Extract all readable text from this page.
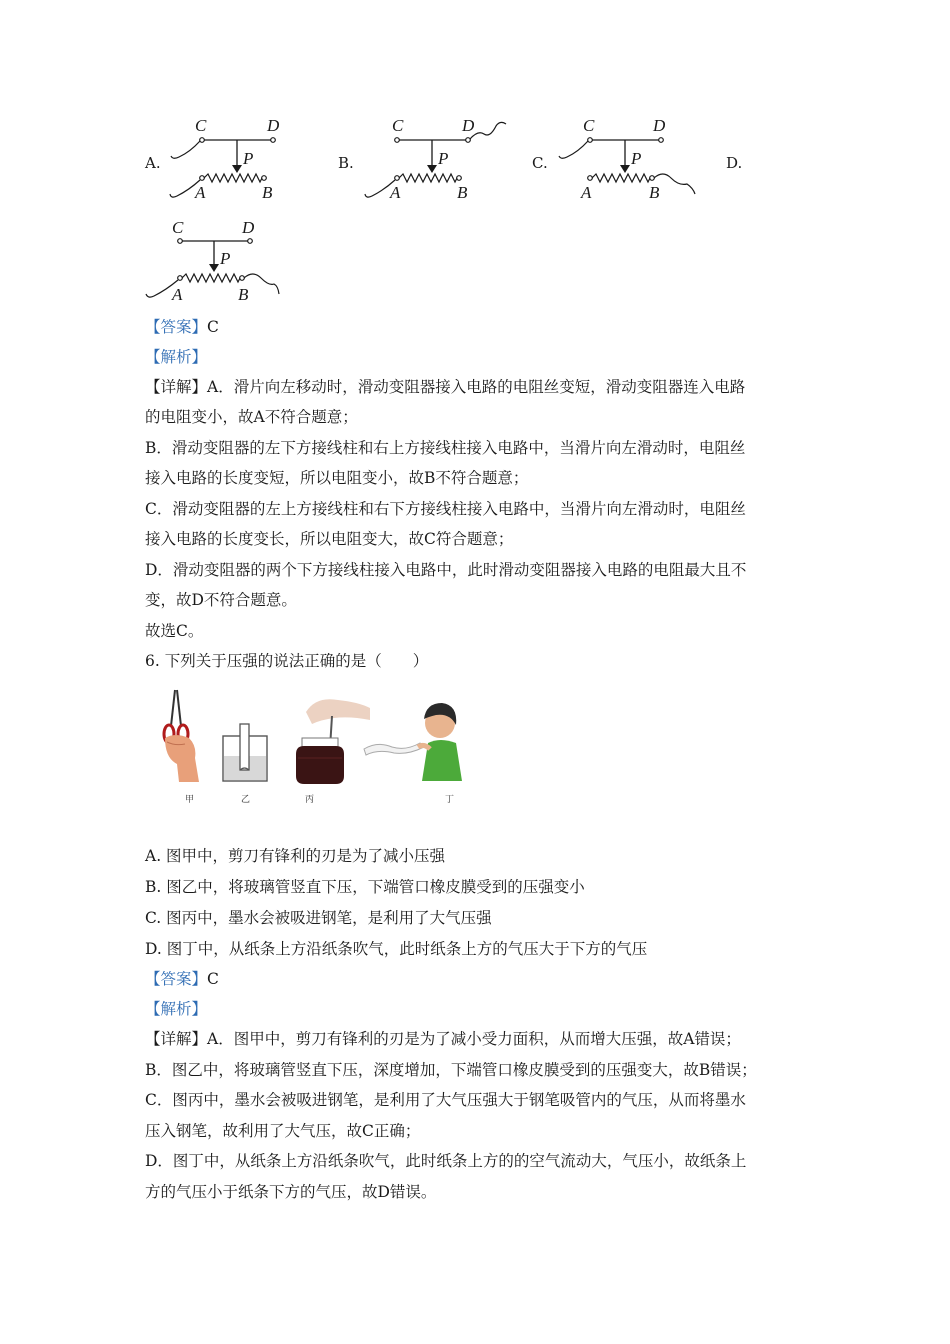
A.	B.	C.	D.
C	D
P
A	B
C	D
P
A	B
C	D
P
A	B
C	D
P
A	B
【答案】C
【解析】
【详解】A．滑片向左移动时，滑动变阻器接入电路的电阻丝变短，滑动变阻器连入电路
的电阻变小，故A不符合题意；
B．滑动变阻器的左下方接线柱和右上方接线柱接入电路中，当滑片向左滑动时，电阻丝
接入电路的长度变短，所以电阻变小，故B不符合题意；
C．滑动变阻器的左上方接线柱和右下方接线柱接入电路中，当滑片向左滑动时，电阻丝
接入电路的长度变长，所以电阻变大，故C符合题意；
D．滑动变阻器的两个下方接线柱接入电路中，此时滑动变阻器接入电路的电阻最大且不
变，故D不符合题意。
故选C。
6. 下列关于压强的说法正确的是（　　）
甲	乙	丙	丁
A. 图甲中，剪刀有锋利的刃是为了减小压强
B. 图乙中，将玻璃管竖直下压，下端管口橡皮膜受到的压强变小
C. 图丙中，墨水会被吸进钢笔，是利用了大气压强
D. 图丁中，从纸条上方沿纸条吹气，此时纸条上方的气压大于下方的气压
【答案】C
【解析】
【详解】A．图甲中，剪刀有锋利的刃是为了减小受力面积，从而增大压强，故A错误；
B．图乙中，将玻璃管竖直下压，深度增加，下端管口橡皮膜受到的压强变大，故B错误；
C．图丙中，墨水会被吸进钢笔，是利用了大气压强大于钢笔吸管内的气压，从而将墨水
压入钢笔，故利用了大气压，故C正确；
D．图丁中，从纸条上方沿纸条吹气，此时纸条上方的的空气流动大，气压小，故纸条上
方的气压小于纸条下方的气压，故D错误。
